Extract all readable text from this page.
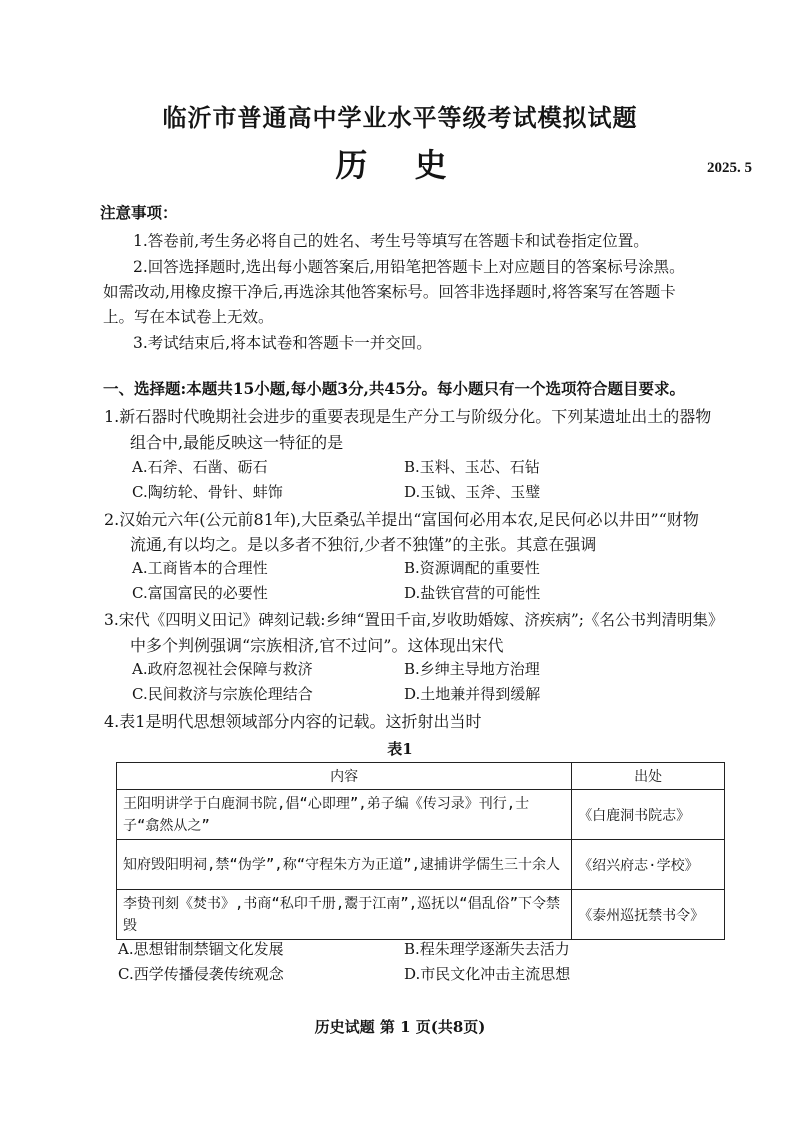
临沂市普通高中学业水平等级考试模拟试题
历 史	2025. 5
注意事项：
1.答卷前,考生务必将自己的姓名、考生号等填写在答题卡和试卷指定位置。
2.回答选择题时,选出每小题答案后,用铅笔把答题卡上对应题目的答案标号涂黑。
如需改动,用橡皮擦干净后,再选涂其他答案标号。回答非选择题时,将答案写在答题卡
上。写在本试卷上无效。
3.考试结束后,将本试卷和答题卡一并交回。
一、选择题:本题共15小题,每小题3分,共45分。每小题只有一个选项符合题目要求。
1.新石器时代晚期社会进步的重要表现是生产分工与阶级分化。下列某遗址出土的器物
组合中,最能反映这一特征的是
A.石斧、石凿、砺石	B.玉料、玉芯、石钻
C.陶纺轮、骨针、蚌饰	D.玉钺、玉斧、玉璧
2.汉始元六年(公元前81年),大臣桑弘羊提出“富国何必用本农,足民何必以井田”“财物
流通,有以均之。是以多者不独衍,少者不独馑”的主张。其意在强调
A.工商皆本的合理性	B.资源调配的重要性
C.富国富民的必要性	D.盐铁官营的可能性
3.宋代《四明义田记》碑刻记载:乡绅“置田千亩,岁收助婚嫁、济疾病”;《名公书判清明集》
中多个判例强调“宗族相济,官不过问”。这体现出宋代
A.政府忽视社会保障与救济	B.乡绅主导地方治理
C.民间救济与宗族伦理结合	D.土地兼并得到缓解
4.表1是明代思想领域部分内容的记载。这折射出当时
表1
内容	出处
王阳明讲学于白鹿洞书院,倡“心即理”,弟子编《传习录》刊行,士子“翕然从之”	《白鹿洞书院志》
知府毁阳明祠,禁“伪学”,称“守程朱方为正道”,逮捕讲学儒生三十余人	《绍兴府志·学校》
李贽刊刻《焚书》,书商“私印千册,鬻于江南”,巡抚以“倡乱俗”下令禁毁	《泰州巡抚禁书令》
A.思想钳制禁锢文化发展	B.程朱理学逐渐失去活力
C.西学传播侵袭传统观念	D.市民文化冲击主流思想
历史试题 第 1 页(共8页)
